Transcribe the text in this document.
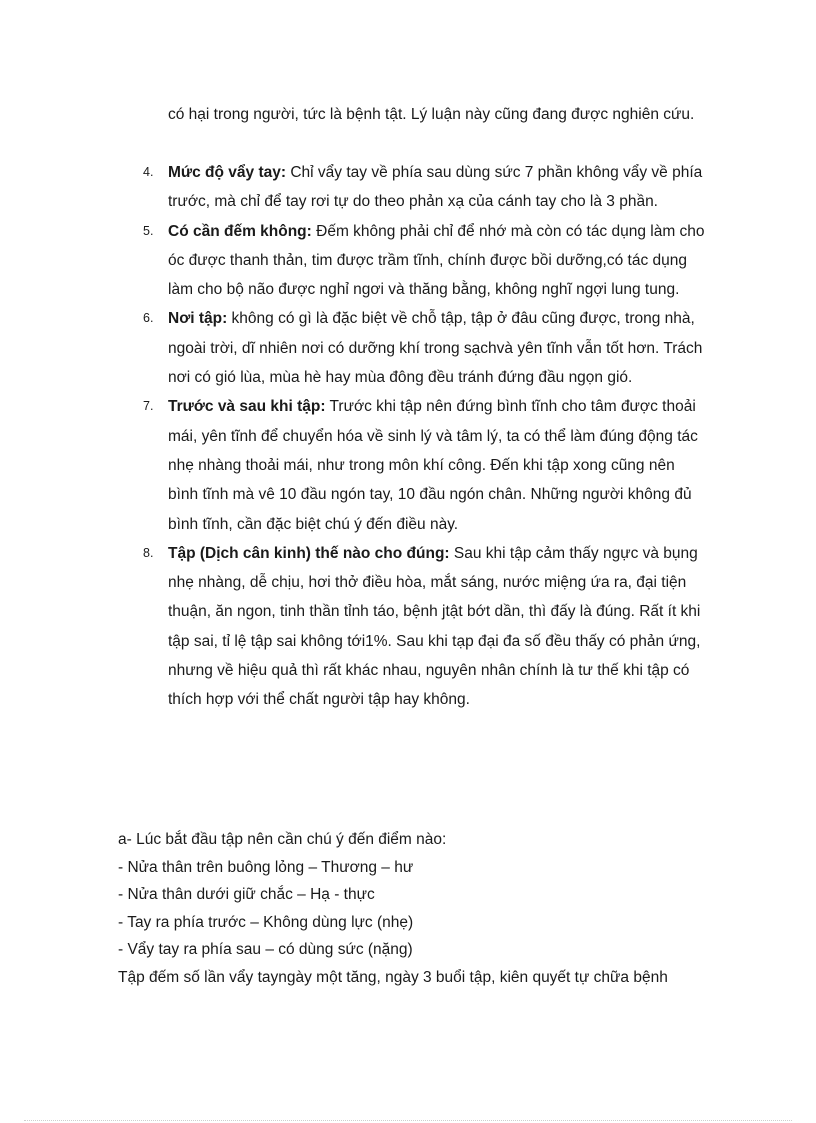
có hại trong người, tức là bệnh tật. Lý luận này cũng đang được nghiên cứu.

4. Mức độ vẩy tay: Chỉ vẩy tay về phía sau dùng sức 7 phần không vẩy về phía trước, mà chỉ để tay rơi tự do theo phản xạ của cánh tay cho là 3 phần.
5. Có cần đếm không: Đếm không phải chỉ để nhớ mà còn có tác dụng làm cho óc được thanh thản, tim được trầm tĩnh, chính được bồi dưỡng,có tác dụng làm cho bộ não được nghỉ ngơi và thăng bằng, không nghĩ ngợi lung tung.
6. Nơi tập: không có gì là đặc biệt về chỗ tập, tập ở đâu cũng được, trong nhà, ngoài trời, dĩ nhiên nơi có dưỡng khí trong sạchvà yên tĩnh vẫn tốt hơn. Trách nơi có gió lùa, mùa hè hay mùa đông đều tránh đứng đầu ngọn gió.
7. Trước và sau khi tập: Trước khi tập nên đứng bình tĩnh cho tâm được thoải mái, yên tĩnh để chuyển hóa về sinh lý và tâm lý, ta có thể làm đúng động tác nhẹ nhàng thoải mái, như trong môn khí công. Đến khi tập xong cũng nên bình tĩnh mà vê 10 đầu ngón tay, 10 đầu ngón chân. Những người không đủ bình tĩnh, cần đặc biệt chú ý đến điều này.
8. Tập (Dịch cân kinh) thế nào cho đúng: Sau khi tập cảm thấy ngực và bụng nhẹ nhàng, dễ chịu, hơi thở điều hòa, mắt sáng, nước miệng ứa ra, đại tiện thuận, ăn ngon, tinh thần tỉnh táo, bệnh jtật bớt dần, thì đấy là đúng. Rất ít khi tập sai, tỉ lệ tập sai không tới1%. Sau khi tạp đại đa số đều thấy có phản ứng, nhưng về hiệu quả thì rất khác nhau, nguyên nhân chính là tư thế khi tập có thích hợp với thể chất người tập hay không.

a- Lúc bắt đầu tập nên cần chú ý đến điểm nào:

- Nửa thân trên buông lỏng – Thương – hư

- Nửa thân dưới giữ chắc – Hạ - thực

- Tay ra phía trước – Không dùng lực (nhẹ)

- Vẩy tay ra phía sau – có dùng sức (nặng)

Tập đếm số lần vẩy tayngày một tăng, ngày 3 buổi tập, kiên quyết tự chữa bệnh
